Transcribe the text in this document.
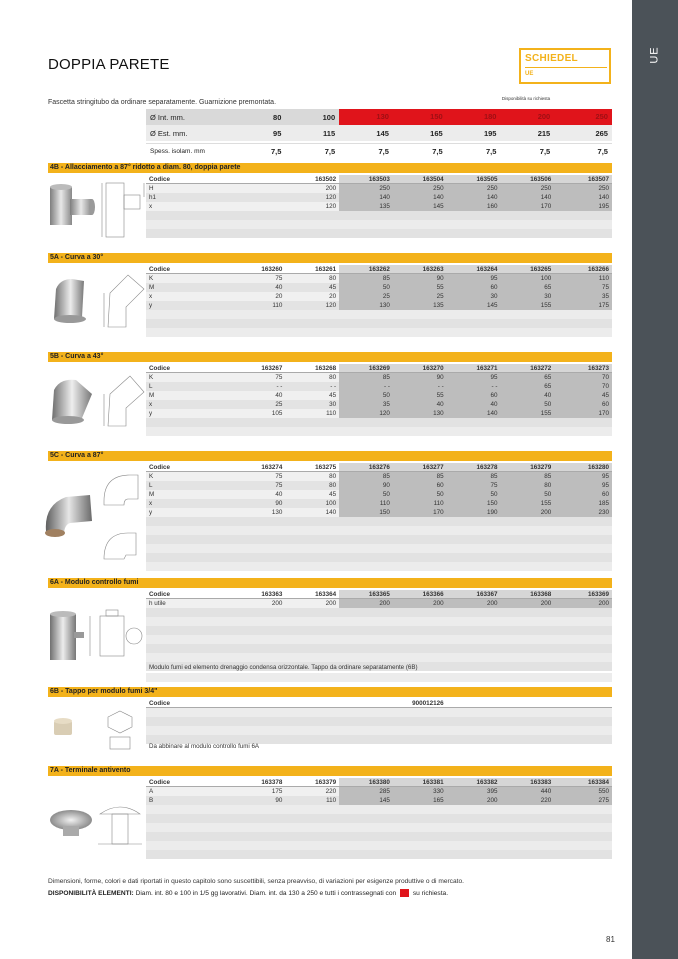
UE
DOPPIA PARETE	SCHIEDEL
UE
Fascetta stringitubo da ordinare separatamente. Guarnizione premontata.
Disponibilità su richiesta
Ø Int. mm.	80	100	130	150	180	200	250
Ø Est. mm.	95	115	145	165	195	215	265
Spess. isolam. mm	7,5	7,5	7,5	7,5	7,5	7,5	7,5
4B - Allacciamento a 87° ridotto a diam. 80, doppia parete
Codice	163502	163503	163504	163505	163506	163507
H	200	250	250	250	250	250
h1	120	140	140	140	140	140
x	120	135	145	160	170	195
5A - Curva a 30°
Codice	163260	163261	163262	163263	163264	163265	163266
K	75	80	85	90	95	100	110
M	40	45	50	55	60	65	75
x	20	20	25	25	30	30	35
y	110	120	130	135	145	155	175
5B - Curva a 43°
Codice	163267	163268	163269	163270	163271	163272	163273
K	75	80	85	90	95	65	70
L	- -	- -	- -	- -	- -	65	70
M	40	45	50	55	60	40	45
x	25	30	35	40	40	50	60
y	105	110	120	130	140	155	170
5C - Curva a 87°
Codice	163274	163275	163276	163277	163278	163279	163280
K	75	80	85	85	85	85	95
L	75	80	90	60	75	80	95
M	40	45	50	50	50	50	60
x	90	100	110	110	150	155	185
y	130	140	150	170	190	200	230
6A - Modulo controllo fumi
Codice	163363	163364	163365	163366	163367	163368	163369
h utile	200	200	200	200	200	200	200
Modulo fumi ed elemento drenaggio condensa orizzontale. Tappo da ordinare separatamente (6B)
6B - Tappo per modulo fumi 3/4"
Codice	900012126
Da abbinare al modulo controllo fumi 6A
7A - Terminale antivento
Codice	163378	163379	163380	163381	163382	163383	163384
A	175	220	285	330	395	440	550
B	90	110	145	165	200	220	275
Dimensioni, forme, colori e dati riportati in questo capitolo sono suscettibili, senza preavviso, di variazioni per esigenze produttive o di mercato.
DISPONIBILITÀ ELEMENTI: Diam. int. 80 e 100 in 1/5 gg lavorativi. Diam. int. da 130 a 250 e tutti i contrassegnati con	su richiesta.
81
